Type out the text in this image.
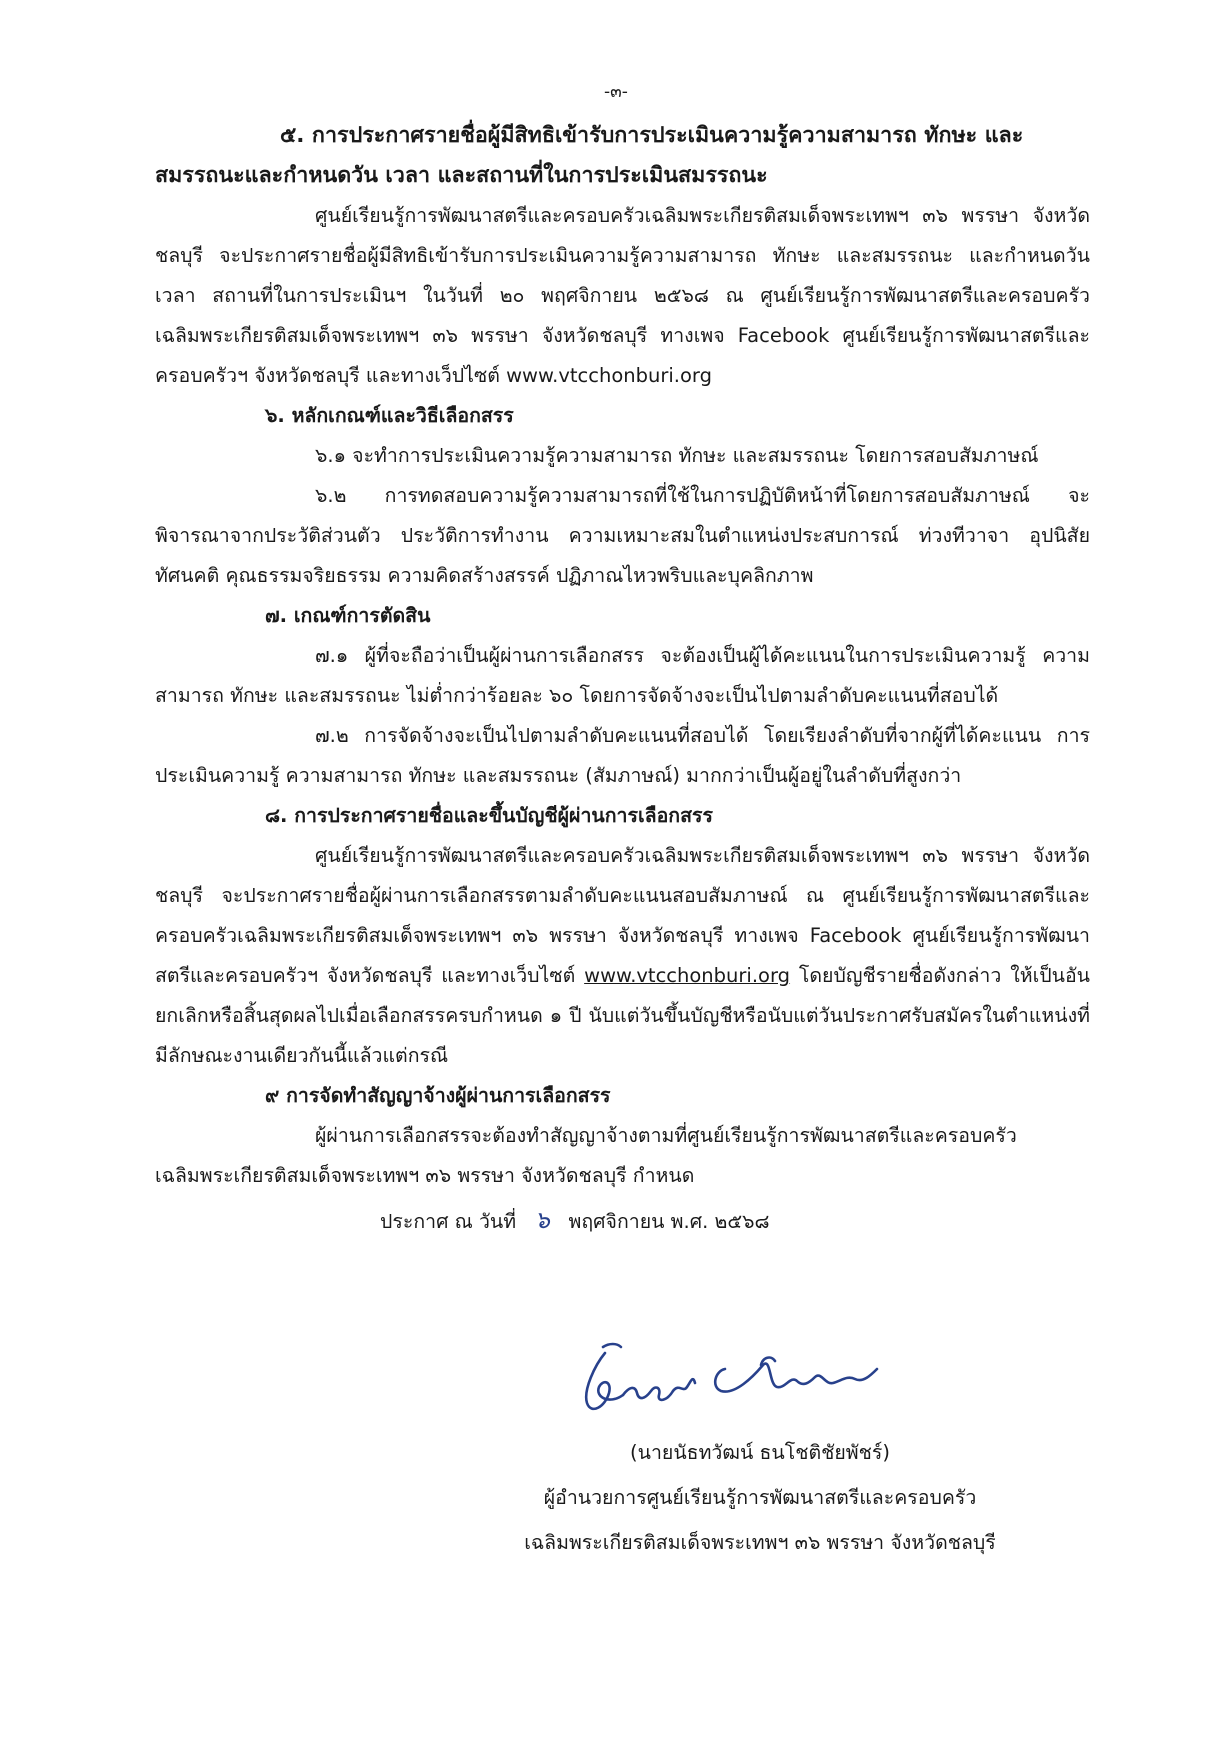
-๓-
๕. การประกาศรายชื่อผู้มีสิทธิเข้ารับการประเมินความรู้ความสามารถ ทักษะ และ
สมรรถนะและกำหนดวัน เวลา และสถานที่ในการประเมินสมรรถนะ
ศูนย์เรียนรู้การพัฒนาสตรีและครอบครัวเฉลิมพระเกียรติสมเด็จพระเทพฯ ๓๖ พรรษา จังหวัดชลบุรี จะประกาศรายชื่อผู้มีสิทธิเข้ารับการประเมินความรู้ความสามารถ ทักษะ และสมรรถนะ และกำหนดวัน เวลา สถานที่ในการประเมินฯ ในวันที่ ๒๐ พฤศจิกายน ๒๕๖๘ ณ ศูนย์เรียนรู้การพัฒนาสตรีและครอบครัวเฉลิมพระเกียรติสมเด็จพระเทพฯ ๓๖ พรรษา จังหวัดชลบุรี ทางเพจ Facebook ศูนย์เรียนรู้การพัฒนาสตรีและครอบครัวฯ จังหวัดชลบุรี และทางเว็ปไซต์ www.vtcchonburi.org
๖. หลักเกณฑ์และวิธีเลือกสรร
๖.๑ จะทำการประเมินความรู้ความสามารถ ทักษะ และสมรรถนะ โดยการสอบสัมภาษณ์
๖.๒ การทดสอบความรู้ความสามารถที่ใช้ในการปฏิบัติหน้าที่โดยการสอบสัมภาษณ์ จะพิจารณาจากประวัติส่วนตัว ประวัติการทำงาน ความเหมาะสมในตำแหน่งประสบการณ์ ท่วงทีวาจา อุปนิสัย ทัศนคติ คุณธรรมจริยธรรม ความคิดสร้างสรรค์ ปฏิภาณไหวพริบและบุคลิกภาพ
๗. เกณฑ์การตัดสิน
๗.๑ ผู้ที่จะถือว่าเป็นผู้ผ่านการเลือกสรร จะต้องเป็นผู้ได้คะแนนในการประเมินความรู้ ความสามารถ ทักษะ และสมรรถนะ ไม่ต่ำกว่าร้อยละ ๖๐ โดยการจัดจ้างจะเป็นไปตามลำดับคะแนนที่สอบได้
๗.๒ การจัดจ้างจะเป็นไปตามลำดับคะแนนที่สอบได้ โดยเรียงลำดับที่จากผู้ที่ได้คะแนน การประเมินความรู้ ความสามารถ ทักษะ และสมรรถนะ (สัมภาษณ์) มากกว่าเป็นผู้อยู่ในลำดับที่สูงกว่า
๘. การประกาศรายชื่อและขึ้นบัญชีผู้ผ่านการเลือกสรร
ศูนย์เรียนรู้การพัฒนาสตรีและครอบครัวเฉลิมพระเกียรติสมเด็จพระเทพฯ ๓๖ พรรษา จังหวัดชลบุรี จะประกาศรายชื่อผู้ผ่านการเลือกสรรตามลำดับคะแนนสอบสัมภาษณ์ ณ ศูนย์เรียนรู้การพัฒนาสตรีและครอบครัวเฉลิมพระเกียรติสมเด็จพระเทพฯ ๓๖ พรรษา จังหวัดชลบุรี ทางเพจ Facebook ศูนย์เรียนรู้การพัฒนาสตรีและครอบครัวฯ จังหวัดชลบุรี และทางเว็บไซต์ www.vtcchonburi.org โดยบัญชีรายชื่อดังกล่าว ให้เป็นอันยกเลิกหรือสิ้นสุดผลไปเมื่อเลือกสรรครบกำหนด ๑ ปี นับแต่วันขึ้นบัญชีหรือนับแต่วันประกาศรับสมัครในตำแหน่งที่มีลักษณะงานเดียวกันนี้แล้วแต่กรณี
๙ การจัดทำสัญญาจ้างผู้ผ่านการเลือกสรร
ผู้ผ่านการเลือกสรรจะต้องทำสัญญาจ้างตามที่ศูนย์เรียนรู้การพัฒนาสตรีและครอบครัว เฉลิมพระเกียรติสมเด็จพระเทพฯ ๓๖ พรรษา จังหวัดชลบุรี กำหนด
ประกาศ ณ วันที่ ๖ พฤศจิกายน พ.ศ. ๒๕๖๘
(นายนัธทวัฒน์ ธนโชติชัยพัชร์)
ผู้อำนวยการศูนย์เรียนรู้การพัฒนาสตรีและครอบครัว
เฉลิมพระเกียรติสมเด็จพระเทพฯ ๓๖ พรรษา จังหวัดชลบุรี
